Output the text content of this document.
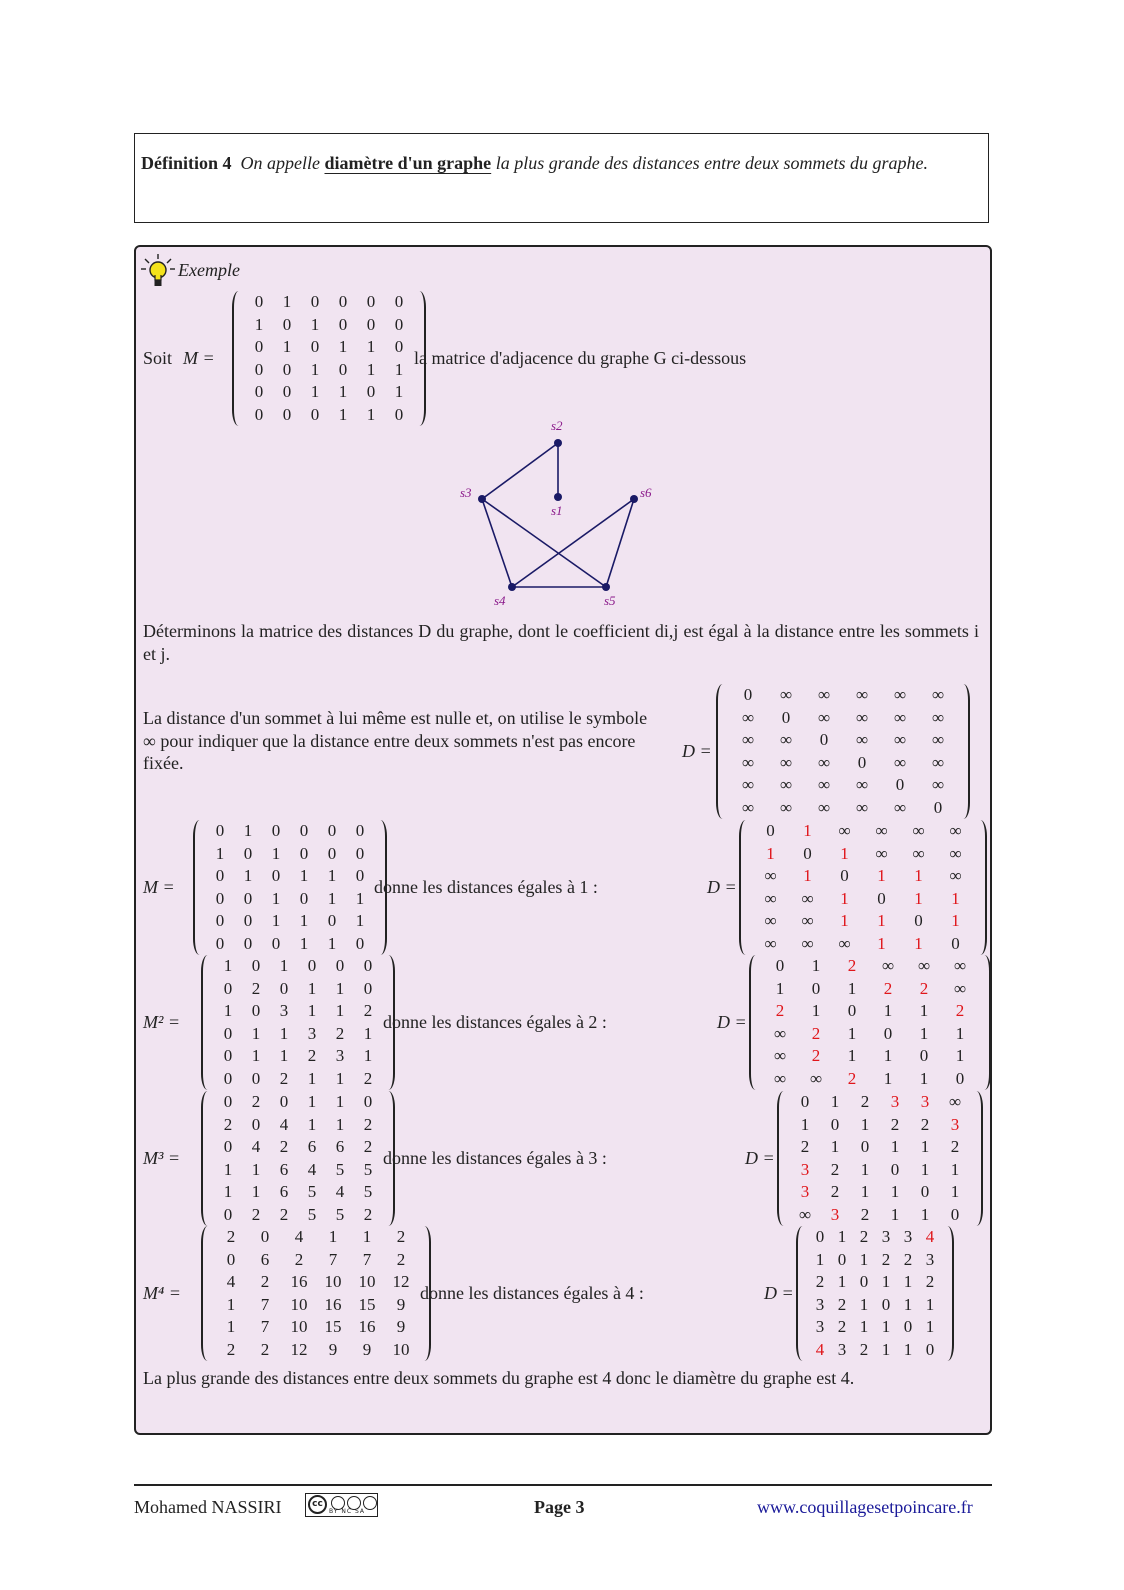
Définition 4 On appelle diamètre d'un graphe la plus grande des distances entre deux sommets du graphe.
Exemple
Soit M =
0	1	0	0	0	0
1	0	1	0	0	0
0	1	0	1	1	0
0	0	1	0	1	1
0	0	1	1	0	1
0	0	0	1	1	0
la matrice d'adjacence du graphe G ci-dessous
s2
s1
s3	s6
s4	s5
Déterminons la matrice des distances D du graphe, dont le coefficient di,j est égal à la distance entre les sommets i et j.
La distance d'un sommet à lui même est nulle et, on utilise le symbole ∞ pour indiquer que la distance entre deux sommets n'est pas encore fixée.
D =
0	∞	∞	∞	∞	∞
∞	0	∞	∞	∞	∞
∞	∞	0	∞	∞	∞
∞	∞	∞	0	∞	∞
∞	∞	∞	∞	0	∞
∞	∞	∞	∞	∞	0
M =
0	1	0	0	0	0
1	0	1	0	0	0
0	1	0	1	1	0
0	0	1	0	1	1
0	0	1	1	0	1
0	0	0	1	1	0
donne les distances égales à 1 :	D =
0	1	∞	∞	∞	∞
1	0	1	∞	∞	∞
∞	1	0	1	1	∞
∞	∞	1	0	1	1
∞	∞	1	1	0	1
∞	∞	∞	1	1	0
M² =
1	0	1	0	0	0
0	2	0	1	1	0
1	0	3	1	1	2
0	1	1	3	2	1
0	1	1	2	3	1
0	0	2	1	1	2
donne les distances égales à 2 :	D =
0	1	2	∞	∞	∞
1	0	1	2	2	∞
2	1	0	1	1	2
∞	2	1	0	1	1
∞	2	1	1	0	1
∞	∞	2	1	1	0
M³ =
0	2	0	1	1	0
2	0	4	1	1	2
0	4	2	6	6	2
1	1	6	4	5	5
1	1	6	5	4	5
0	2	2	5	5	2
donne les distances égales à 3 :	D =
0	1	2	3	3	∞
1	0	1	2	2	3
2	1	0	1	1	2
3	2	1	0	1	1
3	2	1	1	0	1
∞	3	2	1	1	0
M⁴ =
2	0	4	1	1	2
0	6	2	7	7	2
4	2	16	10	10	12
1	7	10	16	15	9
1	7	10	15	16	9
2	2	12	9	9	10
donne les distances égales à 4 :	D =
0 1 2 3 3 4
1 0 1 2 2 3
2 1 0 1 1 2
3 2 1 0 1 1
3 2 1 1 0 1
4 3 2 1 1 0
La plus grande des distances entre deux sommets du graphe est 4 donc le diamètre du graphe est 4.
Mohamed NASSIRI	cc
BY NC SA	Page 3	www.coquillagesetpoincare.fr
